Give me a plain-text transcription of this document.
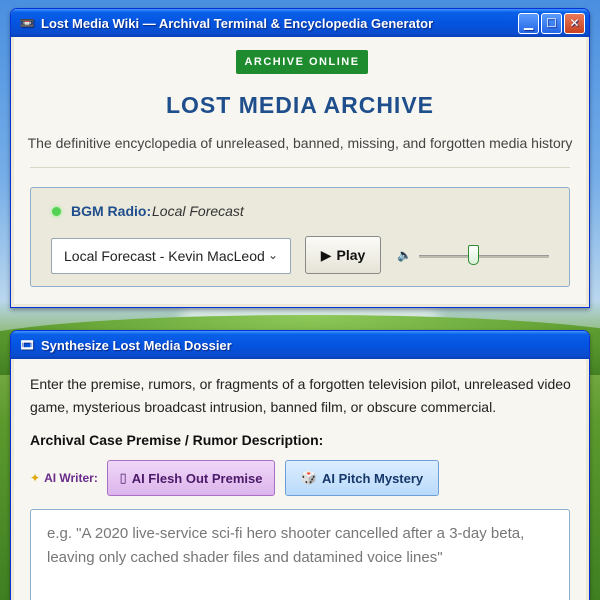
📼 Lost Media Wiki — Archival Terminal & Encyclopedia Generator	▁ ☐ ✕
ARCHIVE ONLINE
LOST MEDIA ARCHIVE
The definitive encyclopedia of unreleased, banned, missing, and forgotten media history
BGM Radio: Local Forecast
Local Forecast - Kevin MacLeod ⌄	▶ Play	🔈
🎞 Synthesize Lost Media Dossier
Enter the premise, rumors, or fragments of a forgotten television pilot, unreleased video game, mysterious broadcast intrusion, banned film, or obscure commercial.
Archival Case Premise / Rumor Description:
✦ AI Writer: ▯ AI Flesh Out Premise	🎲 AI Pitch Mystery
e.g. "A 2020 live-service sci-fi hero shooter cancelled after a 3-day beta, leaving only cached shader files and datamined voice lines"
